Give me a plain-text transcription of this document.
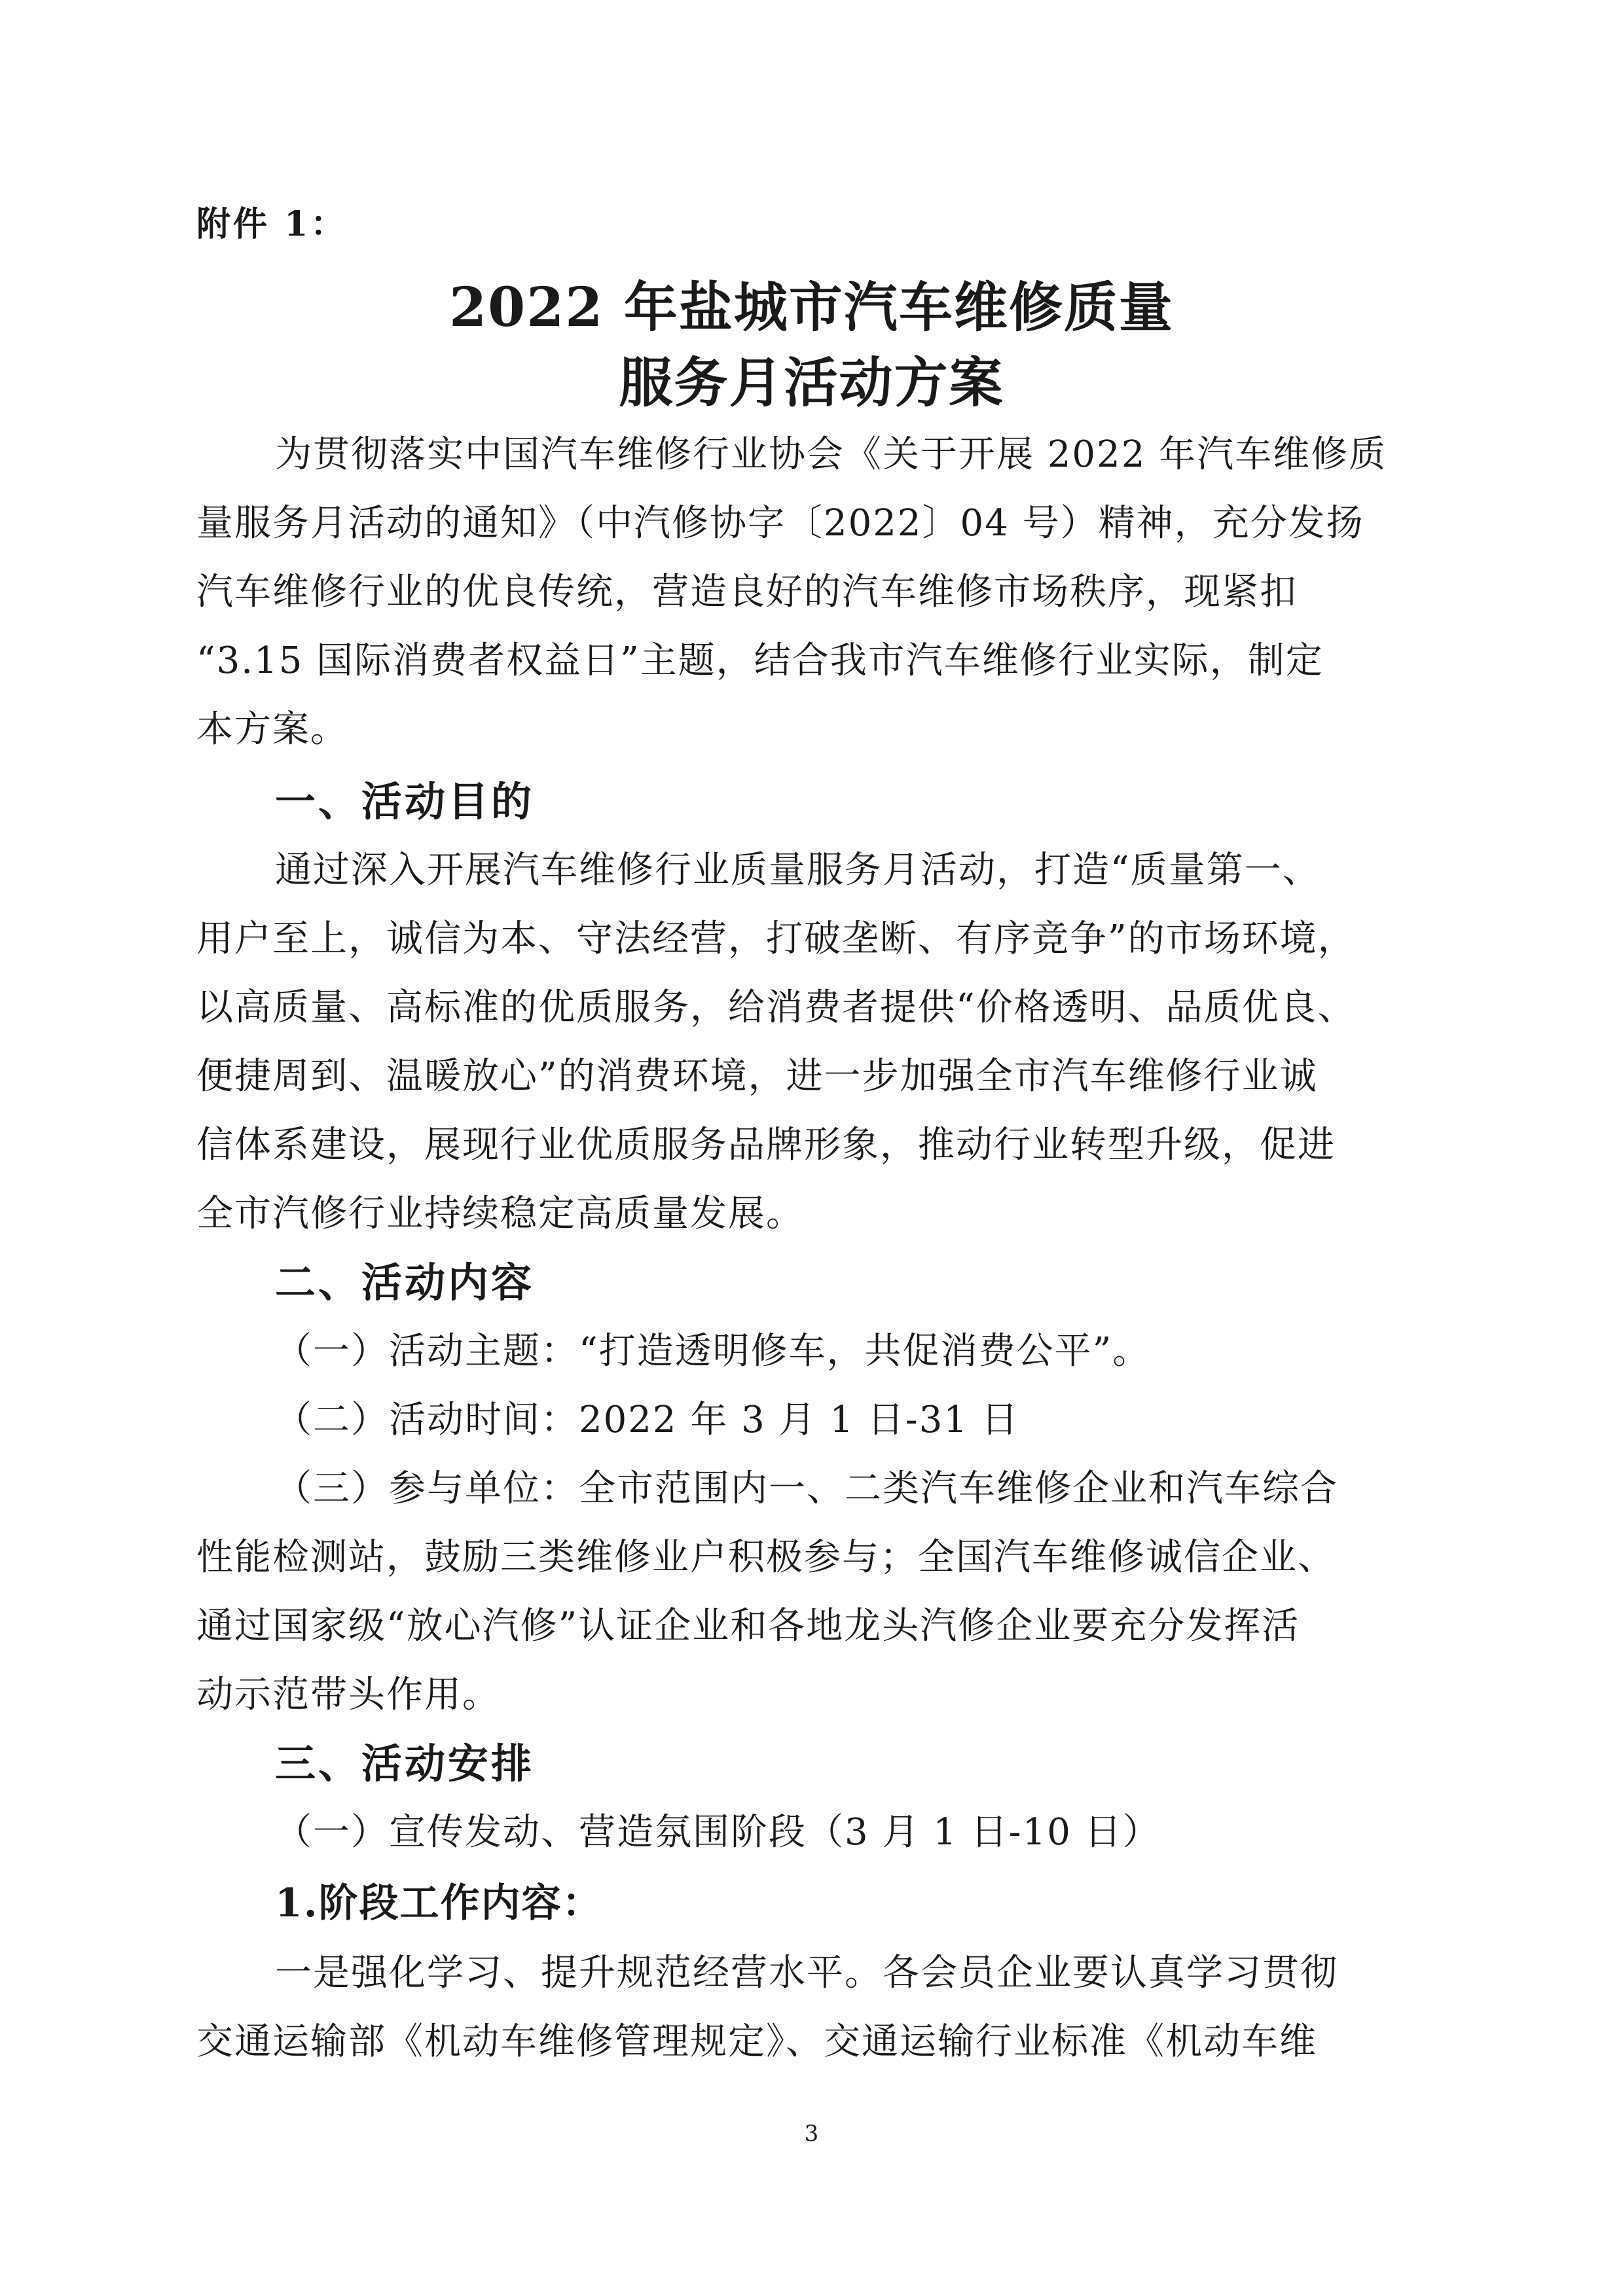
附件 1：
2022 年盐城市汽车维修质量
服务月活动方案
为贯彻落实中国汽车维修行业协会《关于开展 2022 年汽车维修质
量服务月活动的通知》（中汽修协字〔2022〕04 号）精神，充分发扬
汽车维修行业的优良传统，营造良好的汽车维修市场秩序，现紧扣
“3.15 国际消费者权益日”主题，结合我市汽车维修行业实际，制定
本方案。
一、活动目的
通过深入开展汽车维修行业质量服务月活动，打造“质量第一、
用户至上，诚信为本、守法经营，打破垄断、有序竞争”的市场环境，
以高质量、高标准的优质服务，给消费者提供“价格透明、品质优良、
便捷周到、温暖放心”的消费环境，进一步加强全市汽车维修行业诚
信体系建设，展现行业优质服务品牌形象，推动行业转型升级，促进
全市汽修行业持续稳定高质量发展。
二、活动内容
（一）活动主题：“打造透明修车，共促消费公平”。
（二）活动时间：2022 年 3 月 1 日-31 日
（三）参与单位：全市范围内一、二类汽车维修企业和汽车综合
性能检测站，鼓励三类维修业户积极参与；全国汽车维修诚信企业、
通过国家级“放心汽修”认证企业和各地龙头汽修企业要充分发挥活
动示范带头作用。
三、活动安排
（一）宣传发动、营造氛围阶段（3 月 1 日-10 日）
1.阶段工作内容：
一是强化学习、提升规范经营水平。各会员企业要认真学习贯彻
交通运输部《机动车维修管理规定》、交通运输行业标准《机动车维
3
